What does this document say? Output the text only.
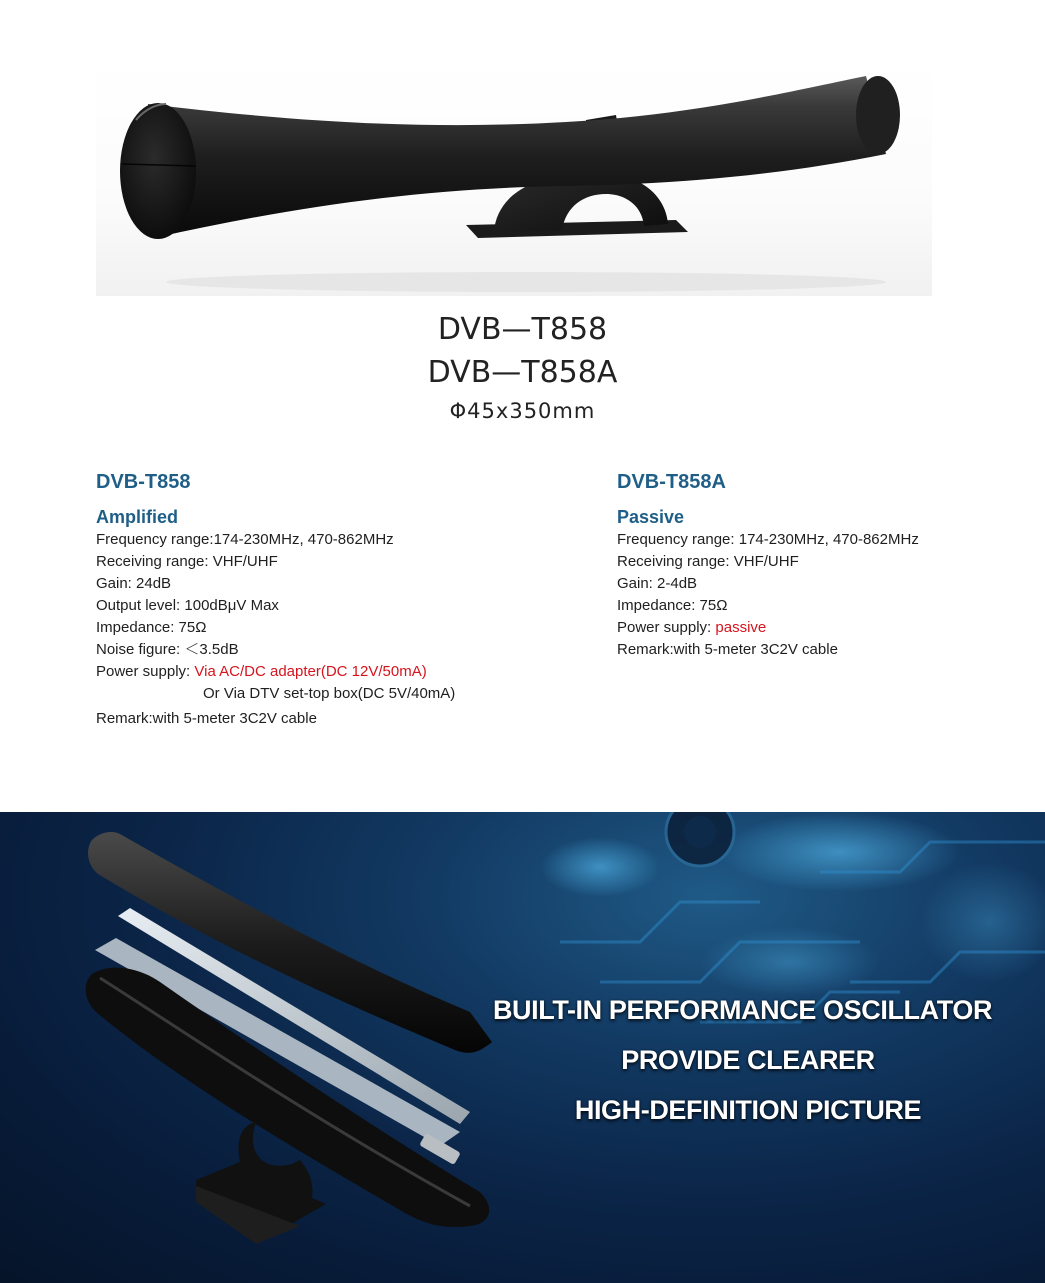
DVB—T858
DVB—T858A
Φ45x350mm
DVB-T858
Amplified
Frequency range:174-230MHz, 470-862MHz
Receiving range: VHF/UHF
Gain: 24dB
Output level: 100dBμV Max
Impedance: 75Ω
Noise figure: ＜3.5dB
Power supply: Via AC/DC adapter(DC 12V/50mA)
Or Via DTV set-top box(DC 5V/40mA)
Remark:with 5-meter 3C2V cable
DVB-T858A
Passive
Frequency range: 174-230MHz, 470-862MHz
Receiving range: VHF/UHF
Gain: 2-4dB
Impedance: 75Ω
Power supply: passive
Remark:with 5-meter 3C2V cable
BUILT-IN PERFORMANCE OSCILLATOR
PROVIDE CLEARER
HIGH-DEFINITION PICTURE
